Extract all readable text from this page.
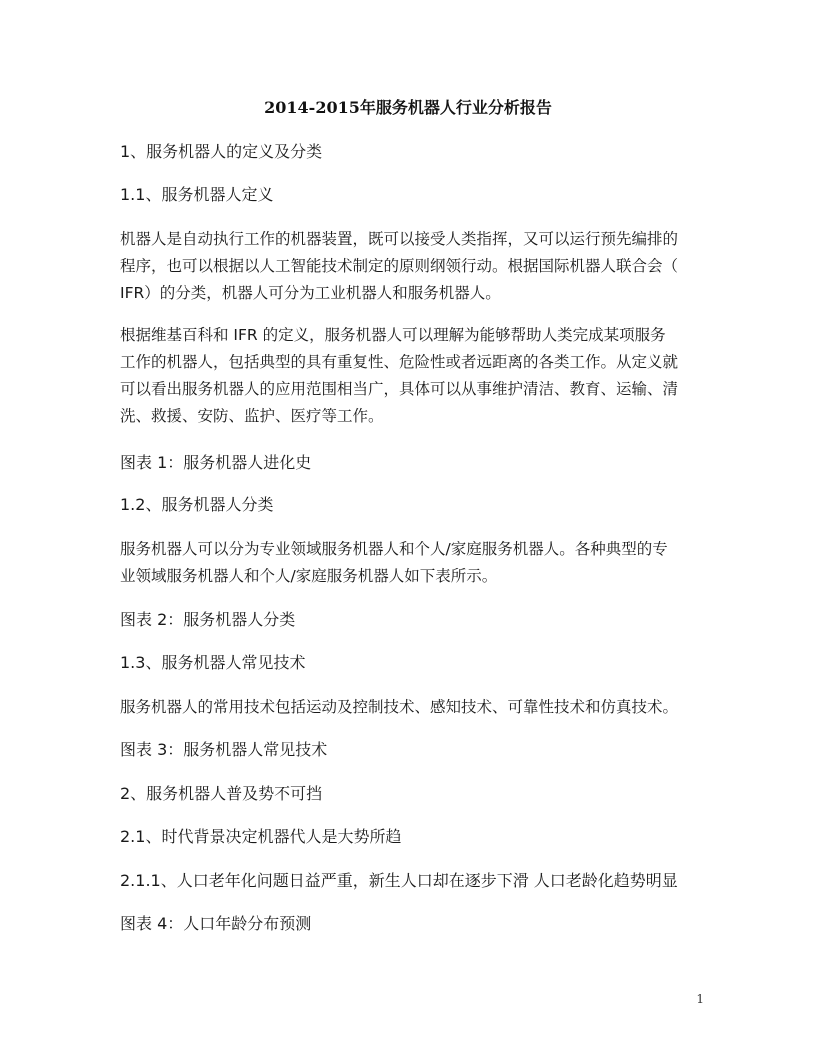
2014-2015年服务机器人行业分析报告
1、服务机器人的定义及分类
1.1、服务机器人定义
机器人是自动执行工作的机器装置，既可以接受人类指挥，又可以运行预先编排的
程序，也可以根据以人工智能技术制定的原则纲领行动。根据国际机器人联合会（
IFR）的分类，机器人可分为工业机器人和服务机器人。
根据维基百科和 IFR 的定义，服务机器人可以理解为能够帮助人类完成某项服务
工作的机器人，包括典型的具有重复性、危险性或者远距离的各类工作。从定义就
可以看出服务机器人的应用范围相当广，具体可以从事维护清洁、教育、运输、清
洗、救援、安防、监护、医疗等工作。
图表 1：服务机器人进化史
1.2、服务机器人分类
服务机器人可以分为专业领域服务机器人和个人/家庭服务机器人。各种典型的专
业领域服务机器人和个人/家庭服务机器人如下表所示。
图表 2：服务机器人分类
1.3、服务机器人常见技术
服务机器人的常用技术包括运动及控制技术、感知技术、可靠性技术和仿真技术。
图表 3：服务机器人常见技术
2、服务机器人普及势不可挡
2.1、时代背景决定机器代人是大势所趋
2.1.1、人口老年化问题日益严重，新生人口却在逐步下滑 人口老龄化趋势明显
图表 4：人口年龄分布预测
1
